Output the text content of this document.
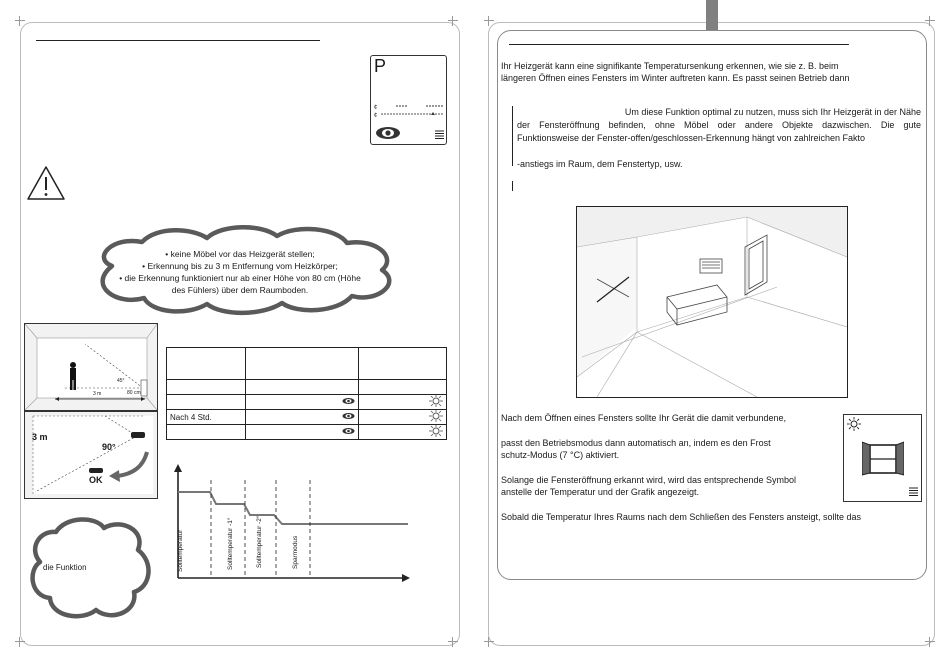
P
¢
¢
• keine Möbel vor das Heizgerät stellen;
• Erkennung bis zu 3 m Entfernung vom Heizkörper;
• die Erkennung funktioniert nur ab einer Höhe von 80 cm (Höhe
des Fühlers) über dem Raumboden.
80 cm
3 m
45°
3 m
90°
OK

Nach 4 Std.		

die Funktion	Solltemperatur	Solltemperatur -1°	Solltemperatur -2°	Sparmodus
Ihr Heizgerät kann eine signifikante Temperatursenkung erkennen, wie sie z. B. beim
längeren Öffnen eines Fensters im Winter auftreten kann. Es passt seinen Betrieb dann
Um diese Funktion optimal zu nutzen, muss sich Ihr Heizgerät in der Nähe
der Fensteröffnung befinden, ohne Möbel oder andere Objekte dazwischen. Die gute
Funktionsweise der Fenster-offen/geschlossen-Erkennung hängt von zahlreichen Fakto
-anstiegs im Raum, dem Fenstertyp, usw.
Nach dem Öffnen eines Fensters sollte Ihr Gerät die damit verbundene,
passt den Betriebsmodus dann automatisch an, indem es den Frost
schutz-Modus (7 °C) aktiviert.
Solange die Fensteröffnung erkannt wird, wird das entsprechende Symbol
anstelle der Temperatur und der Grafik angezeigt.
Sobald die Temperatur Ihres Raums nach dem Schließen des Fensters ansteigt, sollte das
